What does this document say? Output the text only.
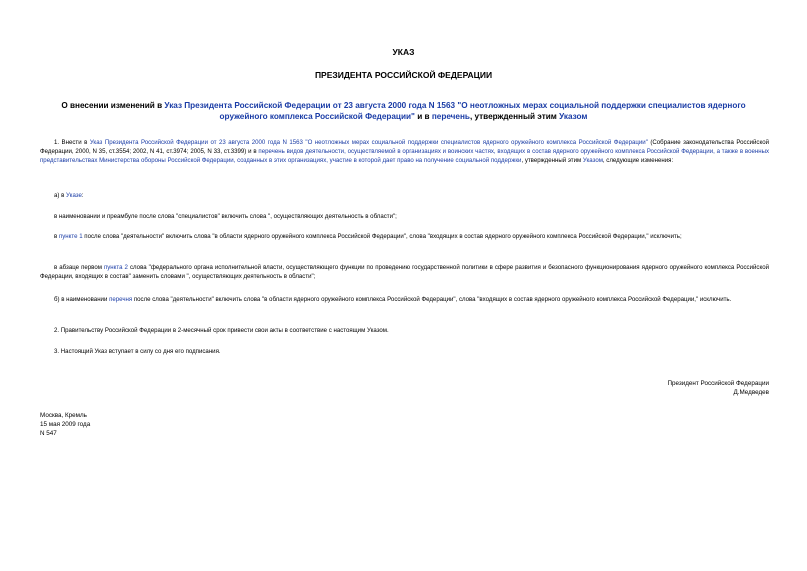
УКАЗ
ПРЕЗИДЕНТА РОССИЙСКОЙ ФЕДЕРАЦИИ
О внесении изменений в Указ Президента Российской Федерации от 23 августа 2000 года N 1563 "О неотложных мерах социальной поддержки специалистов ядерного оружейного комплекса Российской Федерации" и в перечень, утвержденный этим Указом
1. Внести в Указ Президента Российской Федерации от 23 августа 2000 года N 1563 "О неотложных мерах социальной поддержки специалистов ядерного оружейного комплекса Российской Федерации" (Собрание законодательства Российской Федерации, 2000, N 35, ст.3554; 2002, N 41, ст.3974; 2005, N 33, ст.3399) и в перечень видов деятельности, осуществляемой в организациях и воинских частях, входящих в состав ядерного оружейного комплекса Российской Федерации, а также в военных представительствах Министерства обороны Российской Федерации, созданных в этих организациях, участие в которой дает право на получение социальной поддержки, утвержденный этим Указом, следующие изменения:
а) в Указе:
в наименовании и преамбуле после слова "специалистов" включить слова ", осуществляющих деятельность в области";
в пункте 1 после слова "деятельности" включить слова "в области ядерного оружейного комплекса Российской Федерации", слова "входящих в состав ядерного оружейного комплекса Российской Федерации," исключить;
в абзаце первом пункта 2 слова "федерального органа исполнительной власти, осуществляющего функции по проведению государственной политики в сфере развития и безопасного функционирования ядерного оружейного комплекса Российской Федерации, входящих в состав" заменить словами ", осуществляющих деятельность в области";
б) в наименовании перечня после слова "деятельности" включить слова "в области ядерного оружейного комплекса Российской Федерации", слова "входящих в состав ядерного оружейного комплекса Российской Федерации," исключить.
2. Правительству Российской Федерации в 2-месячный срок привести свои акты в соответствие с настоящим Указом.
3. Настоящий Указ вступает в силу со дня его подписания.
Президент Российской Федерации
Д.Медведев
Москва, Кремль
15 мая 2009 года
N 547
